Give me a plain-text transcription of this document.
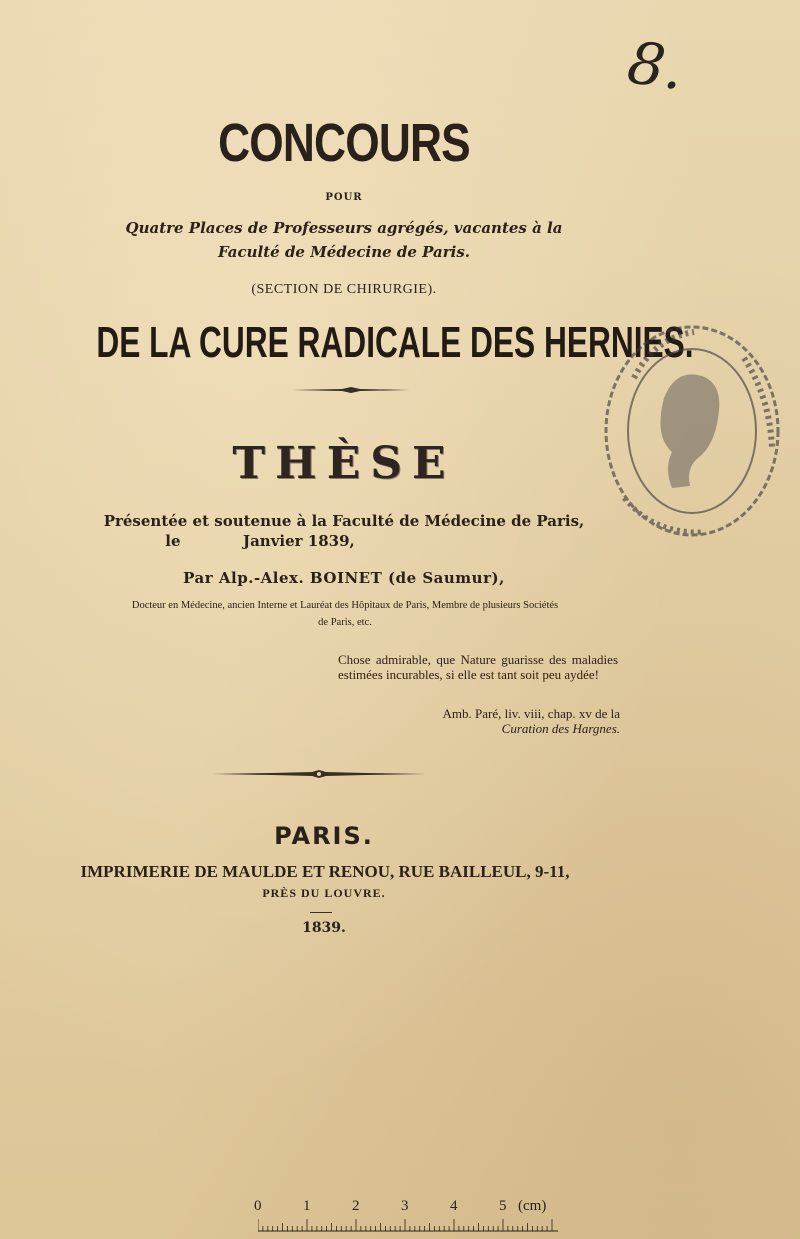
8.
CONCOURS
POUR
Quatre Places de Professeurs agrégés, vacantes à la
Faculté de Médecine de Paris.
(SECTION DE CHIRURGIE).
DE LA CURE RADICALE DES HERNIES.
THÈSE
Présentée et soutenue à la Faculté de Médecine de Paris,
le	Janvier 1839,
Par Alp.-Alex. BOINET (de Saumur),
Docteur en Médecine, ancien Interne et Lauréat des Hôpitaux de Paris, Membre de plusieurs Sociétés
de Paris, etc.
Chose admirable, que Nature guarisse des maladies estimées incurables, si elle est tant soit peu aydée!
Amb. Paré, liv. viii, chap. xv de la
Curation des Hargnes.
PARIS.
IMPRIMERIE DE MAULDE ET RENOU, RUE BAILLEUL, 9-11,
PRÈS DU LOUVRE.
1839.
0	1	2	3	4	5 (cm)
